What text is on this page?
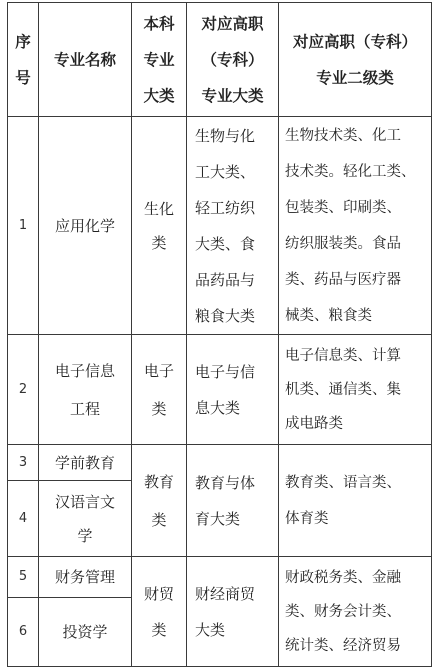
序
号
专业名称
本科
专业
大类
对应高职
（专科）
专业大类
对应高职（专科）
专业二级类
1 应用化学
生化
类
生物与化
工大类、
轻工纺织
大类、食
品药品与
粮食大类
生物技术类、化工
技术类。轻化工类、
包装类、印刷类、
纺织服装类。食品
类、药品与医疗器
械类、粮食类
2
电子信息
工程
电子
类
电子与信
息大类
电子信息类、计算
机类、通信类、集
成电路类
3 学前教育
4
汉语言文
学
教育
类
教育与体
育大类
教育类、语言类、
体育类
5 财务管理
6 投资学
财贸
类
财经商贸
大类
财政税务类、金融
类、财务会计类、
统计类、经济贸易
